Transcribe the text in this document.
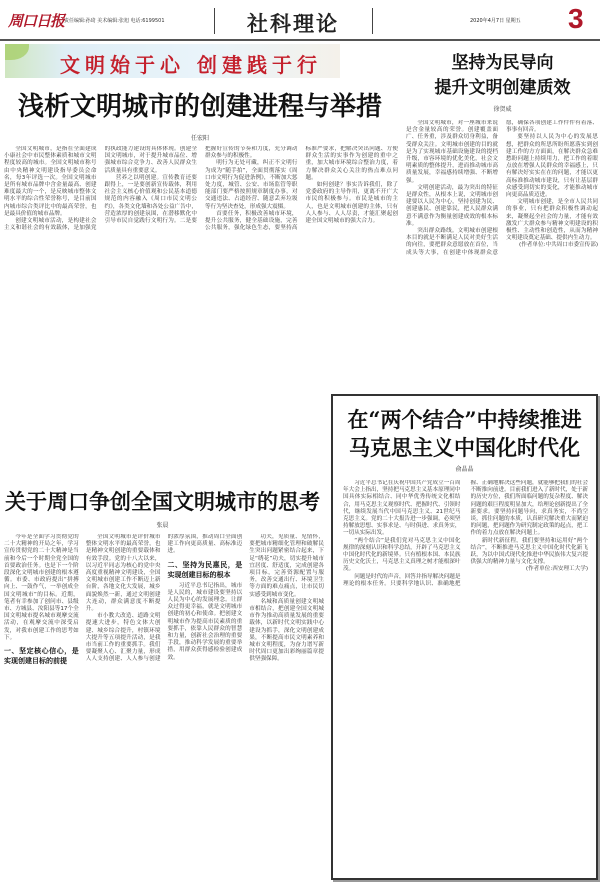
周口日报 责任编辑:孙琦 美术编辑:张旭 电话:6199501	社科理论	2020年4月7日 星期五 3
文明始于心 创建践于行
浅析文明城市的创建进程与举措
任宏阳

全国文明城市，是指在全面建成小康社会中市民整体素质和城市文明程度较高的城市。全国文明城市称号由中央精神文明建设指导委员会命名，每3年评选一次。全国文明城市是所有城市品牌中含金量最高、创建难度最大的一个，是反映城市整体文明水平的综合性荣誉称号，是目前国内城市综合类评比中的最高荣誉，也是最具价值的城市品牌。

创建文明城市活动，是构建社会主义和谐社会的有效载体，是加强党的执政能力建设的具体体现。创建全国文明城市，对于提升城市品位、增强城市综合竞争力、改善人民群众生活质量具有重要意义。

营养之以明创建。宣传教育还要跟得上，一是要创新宣传载体，利用社会主义核心价值观和公民基本道德规范的内容融入《周口市民文明公约》，各类文化墙和各处公益广告中，营造浓厚的创建氛围，在潜移默化中引导市民自觉践行文明行为。二是要把握好宣传的节奏和力度，充分调动群众参与的积极性。

明行为无处可藏，纠正不文明行为成为“随手拍”，全面贯彻落实《周口市文明行为促进条例》，不断加大惩处力度，城管、公安、市场监管等职能部门要严格按照规章制度办事，对交通违法、占道经营、随意丢弃垃圾等行为坚决查处，形成强大震慑。

首要任务，积极改善城市环境，提升公共服务，健全基础设施，完善公共服务，强化绿色生态，要坚持高标准严要求，把解决突出问题、方便群众生活的实事作为创建的重中之重，加大城市环境综合整治力度，着力解决群众关心关注的热点难点问题。

如何创建？事实告诉我们，除了党委政府的主导作用，更离不开广大市民的积极参与。市民是城市的主人，也是文明城市创建的主体，只有人人参与、人人尽责，才能汇聚起创建全国文明城市的强大合力。

坚持为民导向
提升文明创建质效
徐贺威

全国文明城市，对一座城市来说是含金量较高的荣誉。创建覆盖面广、任务重，涉及群众切身利益，备受群众关注。文明城市创建的目的就是为了实现城市基础设施建设的提档升级，市容环境的优化美化，社会文明素质的整体提升，进而推动城市高质量发展，幸福感持续增强、不断增强。

文明创建活动，最为突出的特征是群众性，从根本上说，文明城市创建要以人民为中心，坚持创建为民、创建惠民、创建靠民，把人民群众满意不满意作为衡量创建成效的根本标准。

突出群众路线。文明城市创建根本目的就是不断满足人民对美好生活的向往，要把群众意愿放在首位，当成头等大事，在创建中体现群众意愿，确保各项创建工作件件有着落、事事有回音。

要坚持以人民为中心的发展思想，把群众的所思所盼所愿落实到创建工作的方方面面，在解决群众急难愁盼问题上持续用力，把工作的着眼点放在增强人民群众的幸福感上，只有解决好实实在在的问题，才能以更高标准推动城市建设，只有让基层群众感受到切实的变化，才能推动城市向更高品质迈进。

文明城市创建，是全市人民共同的事业，只有把群众积极性调动起来，凝聚起全社会的力量，才能有效激发广大群众参与精神文明建设的积极性、主动性和创造性，从而为精神文明建设奠定基础、提供内生动力。

(作者单位:中共周口市委宣传部)

关于周口争创全国文明城市的思考
张晨

今年是全面学习贯彻党的二十大精神的开局之年，学习宣传贯彻党的二十大精神是当前和今后一个时期全党全国的首要政治任务。也是下一个阶段深化文明城市创建的根本遵循。市委、市政府提出“拼搏向上、一鼓作气，一举创成全国文明城市”的目标。近期，笔者有幸参加了创问市、县级市、方城县、汝阳县等17个全国文明城市提名城市观摩交流活动，在观摩交流中深受启发，对我市创建工作的思考如下。

一、坚定核心信心，是实现创建目标的前提

全国文明城市是评价城市整体文明水平的最高荣誉，也是精神文明创建的重要载体和有效手段。党的十八大以来，以习近平同志为核心的党中央高度重视精神文明建设，全国文明城市创建工作不断迈上新台阶，各地文化大发展，城乡面貌焕然一新，通过文明创建大连动，群众满意度不断提升。

市小教大改造、道路文明提速大进步，特色文体大创建、城乡综合提升，村镇环境大提升等五项提升活动，是我市当前工作的重要抓手。我们要凝聚人心、汇聚力量，形成人人支持创建、人人参与创建的浓厚氛围，推动周口全面创建工作向更高质量、高标准迈进。

二、坚持为民惠民，是实现创建目标的根本

习近平总书记指出，城市是人民的，城市建设要坚持以人民为中心的发展理念。让群众过得更幸福，就是文明城市创建的初心和使命。把创建文明城市作为提高市民素质的重要抓手，依靠人民群众的智慧和力量，创新社会治理的重要手段，推动科学发展的重要举措，用群众获得感检验创建成效。

功夫，见质量、见情怀，要把城市精细化管理和破解民生突出问题紧密结合起来，下足“绣花”功夫，切实提升城市宜居度、舒适度，完成创建各项目标，完善资源配置与服务，改善交通出行、环境卫生等方面的难点痛点，让市民切实感受到城市变化。

名城和高质量创建文明城市相结合，把创建全国文明城市作为推动高质量发展的重要载体，以新时代文明实践中心建设为抓手，深化文明创建成果，不断提高市民文明素养和城市文明程度，为奋力谱写新时代周口更加出彩绚丽篇章提供坚强保障。

在“两个结合”中持续推进
马克思主义中国化时代化
俞晶晶

习近平总书记在庆祝中国共产党成立一百周年大会上指出，坚持把马克思主义基本原理同中国具体实际相结合、同中华优秀传统文化相结合，用马克思主义观察时代、把握时代、引领时代，继续发展当代中国马克思主义、21世纪马克思主义。党的二十大报告进一步强调，必须坚持解放思想、实事求是、与时俱进、求真务实，一切从实际出发。

“两个结合”是我们党对马克思主义中国化规律的深刻认识和科学总结，开辟了马克思主义中国化时代化的新境界。只有植根本国、本民族历史文化沃土，马克思主义真理之树才能根深叶茂。

问题是时代的声音，回答并指导解决问题是理论的根本任务。只要科学地认识、准确地把握、正确地解决这些问题，就能够把我们的社会不断推向前进。目前我们进入了新时代，处于新的历史方位，我们所面临问题的复杂程度、解决问题的艰巨程度明显加大，给理论创新提出了全新要求。要坚持问题导向，求真务实，不尚空谈，抓住问题的本质，认真研究解决重大而紧迫的问题，把问题作为研究制定政策的起点，把工作的着力点放在解决问题上。

新时代新征程，我们要坚持和运用好“两个结合”，不断推进马克思主义中国化时代化新飞跃，为以中国式现代化推进中华民族伟大复兴提供强大的精神力量与文化支撑。

(作者单位:西安理工大学)
